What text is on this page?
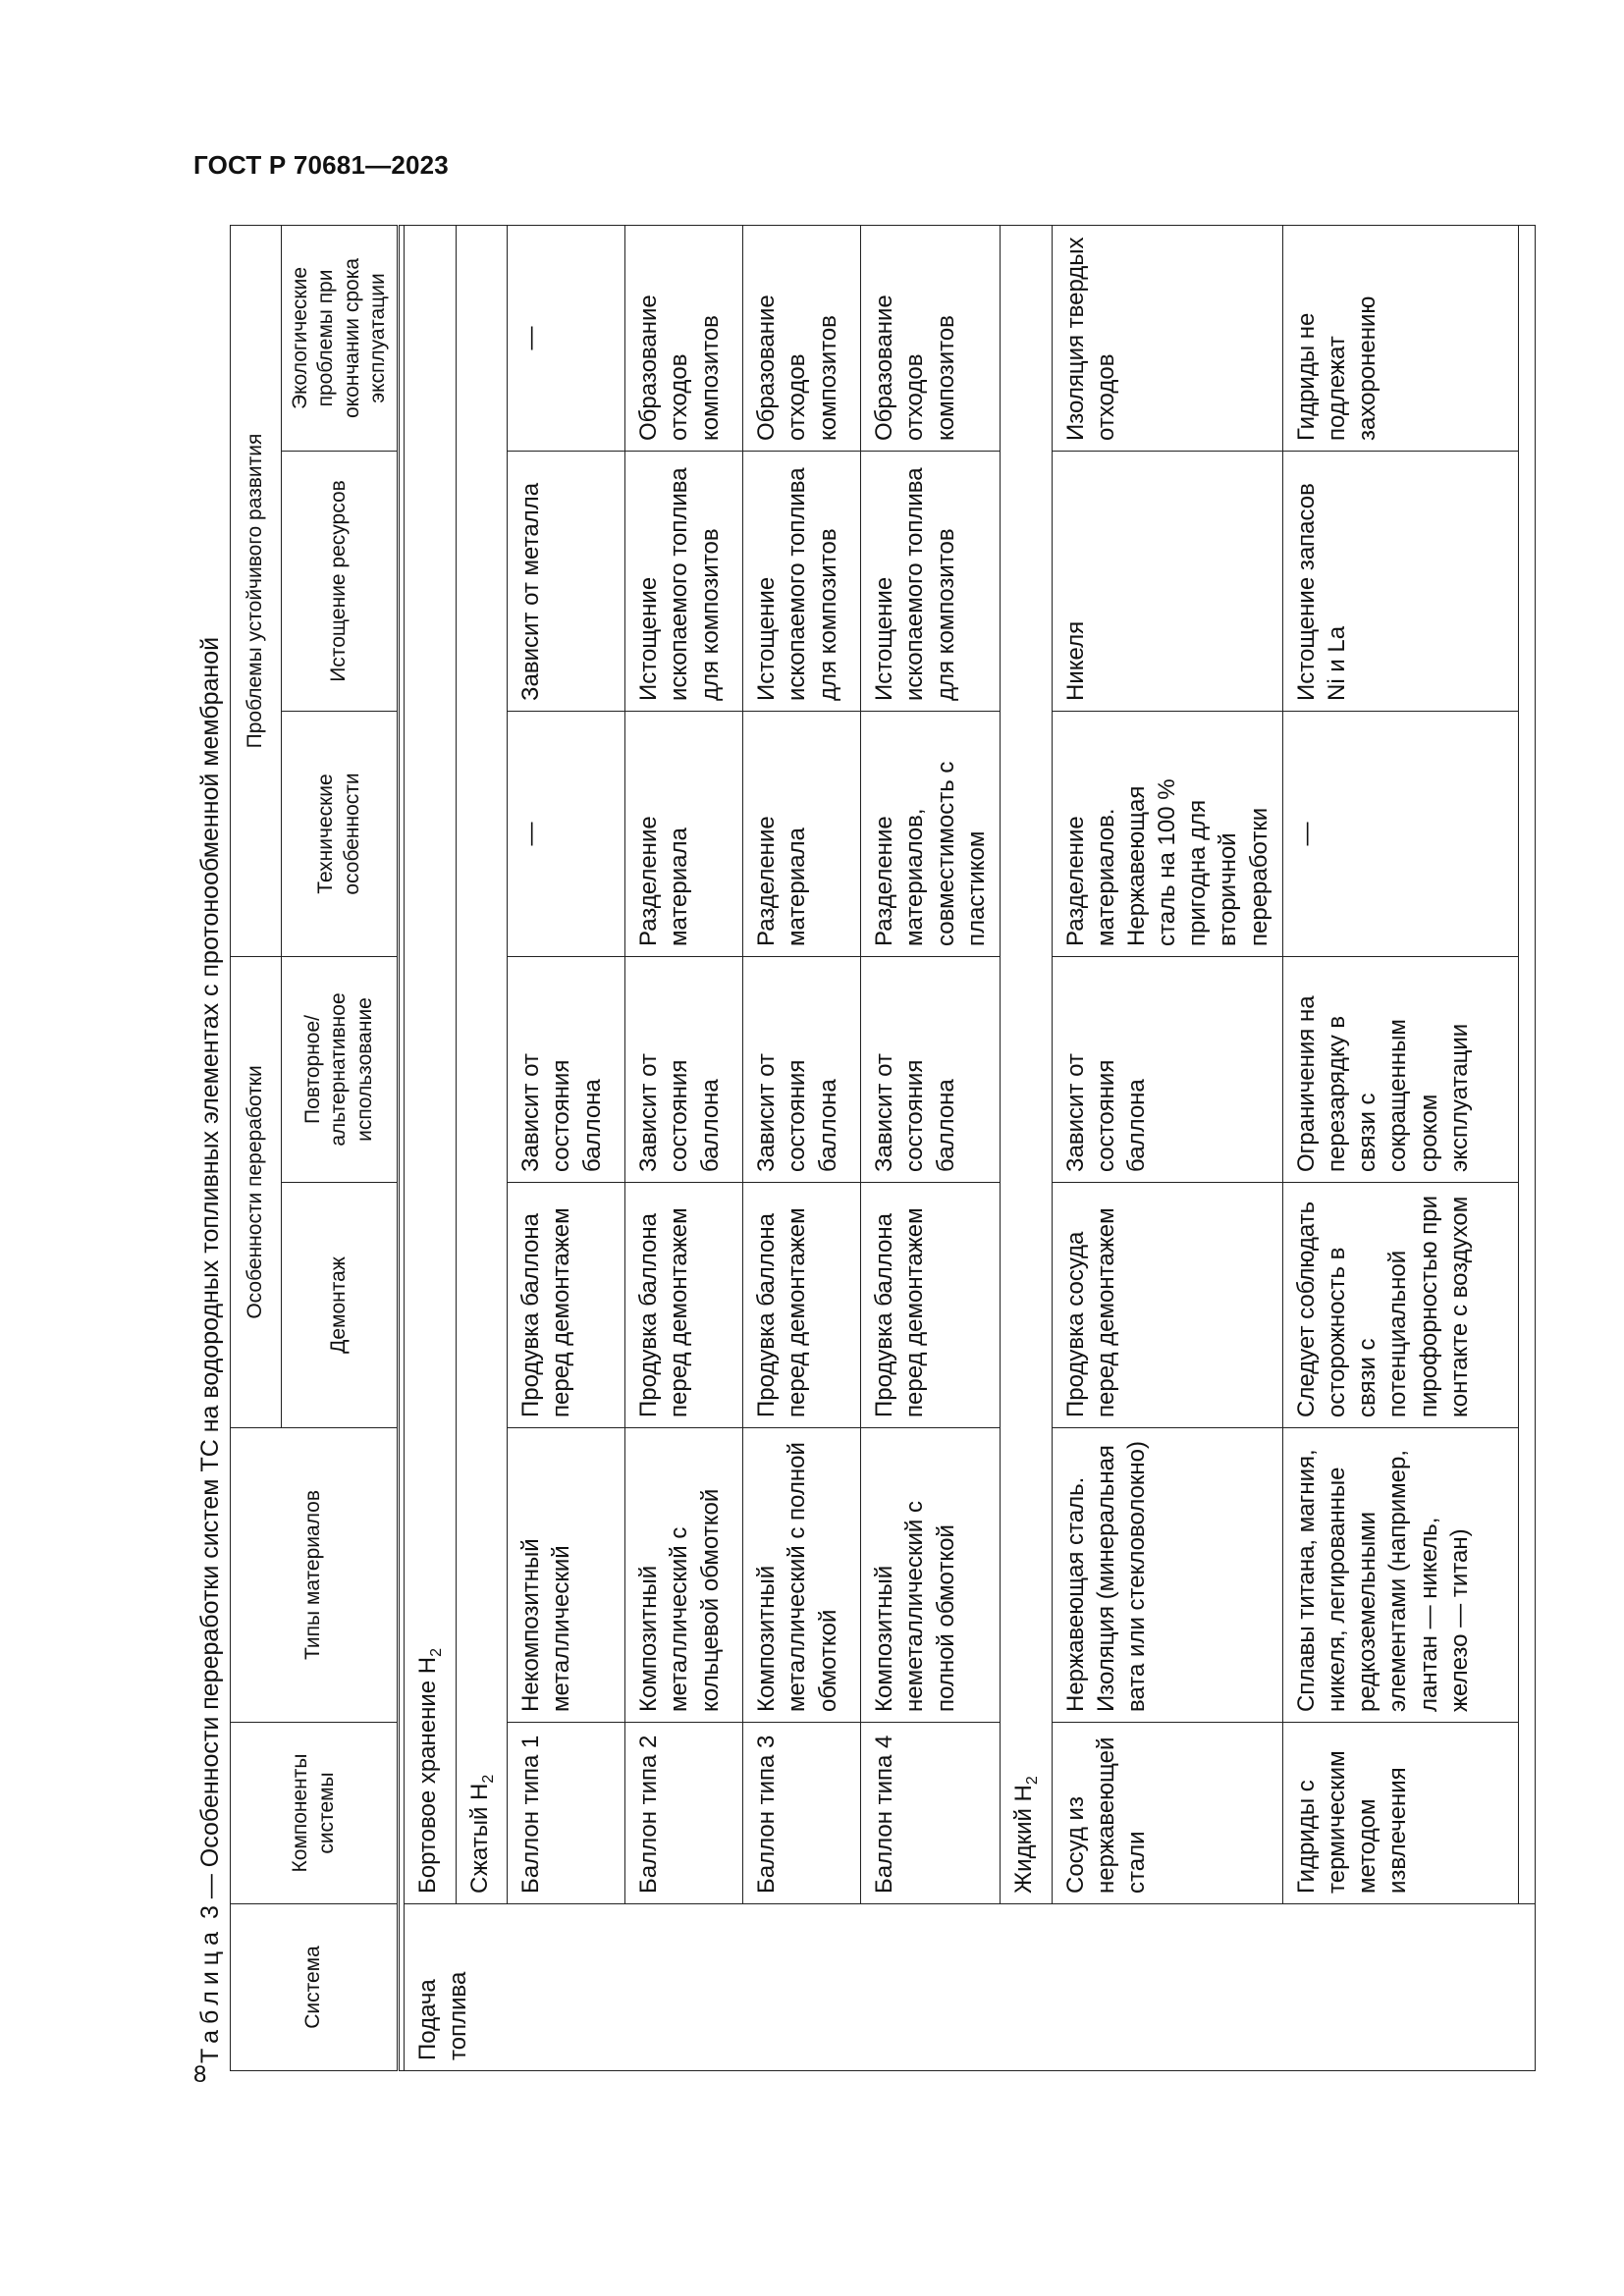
ГОСТ Р 70681—2023
8
Таблица 3 — Особенности переработки систем ТС на водородных топливных элементах с протонообменной мембраной
Система	Компоненты системы	Типы материалов	Особенности переработки		Проблемы устойчивого развития		
			Демонтаж	Повторное/ альтернативное использование	Технические особенности	Истощение ресурсов	Экологические проблемы при окончании срока эксплуатации

Подача топлива	Бортовое хранение $H_2$
	Сжатый $H_2$
	Баллон типа 1	Некомпозитный металлический	Продувка баллона перед демонтажем	Зависит от состояния баллона	—	Зависит от металла	—
	Баллон типа 2	Композитный металлический с кольцевой обмоткой	Продувка баллона перед демонтажем	Зависит от состояния баллона	Разделение материала	Истощение ископаемого топлива для композитов	Образование отходов композитов
	Баллон типа 3	Композитный металлический с полной обмоткой	Продувка баллона перед демонтажем	Зависит от состояния баллона	Разделение материала	Истощение ископаемого топлива для композитов	Образование отходов композитов
	Баллон типа 4	Композитный неметаллический с полной обмоткой	Продувка баллона перед демонтажем	Зависит от состояния баллона	Разделение материалов, совместимость с пластиком	Истощение ископаемого топлива для композитов	Образование отходов композитов
	Жидкий $H_2$
	Сосуд из нержавеющей стали	Нержавеющая сталь. Изоляция (минеральная вата или стекловолокно)	Продувка сосуда перед демонтажем	Зависит от состояния баллона	Разделение материалов. Нержавеющая сталь на 100 % пригодна для вторичной переработки	Никеля	Изоляция твердых отходов
	Гидриды с термическим методом извлечения	Сплавы титана, магния, никеля, легированные редкоземельными элементами (например, лантан — никель, железо — титан)	Следует соблюдать осторожность в связи с потенциальной пирофорностью при контакте с воздухом	Ограничения на перезарядку в связи с сокращенным сроком эксплуатации	—	Истощение запасов Ni и La	Гидриды не подлежат захоронению
